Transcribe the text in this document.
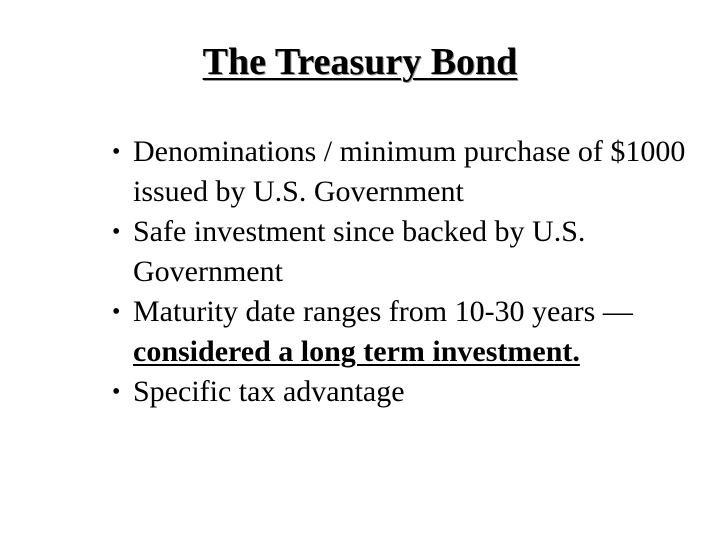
The Treasury Bond
• Denominations / minimum purchase of $1000 issued by U.S. Government
• Safe investment since backed by U.S. Government
• Maturity date ranges from 10-30 years —considered a long term investment.
• Specific tax advantage
